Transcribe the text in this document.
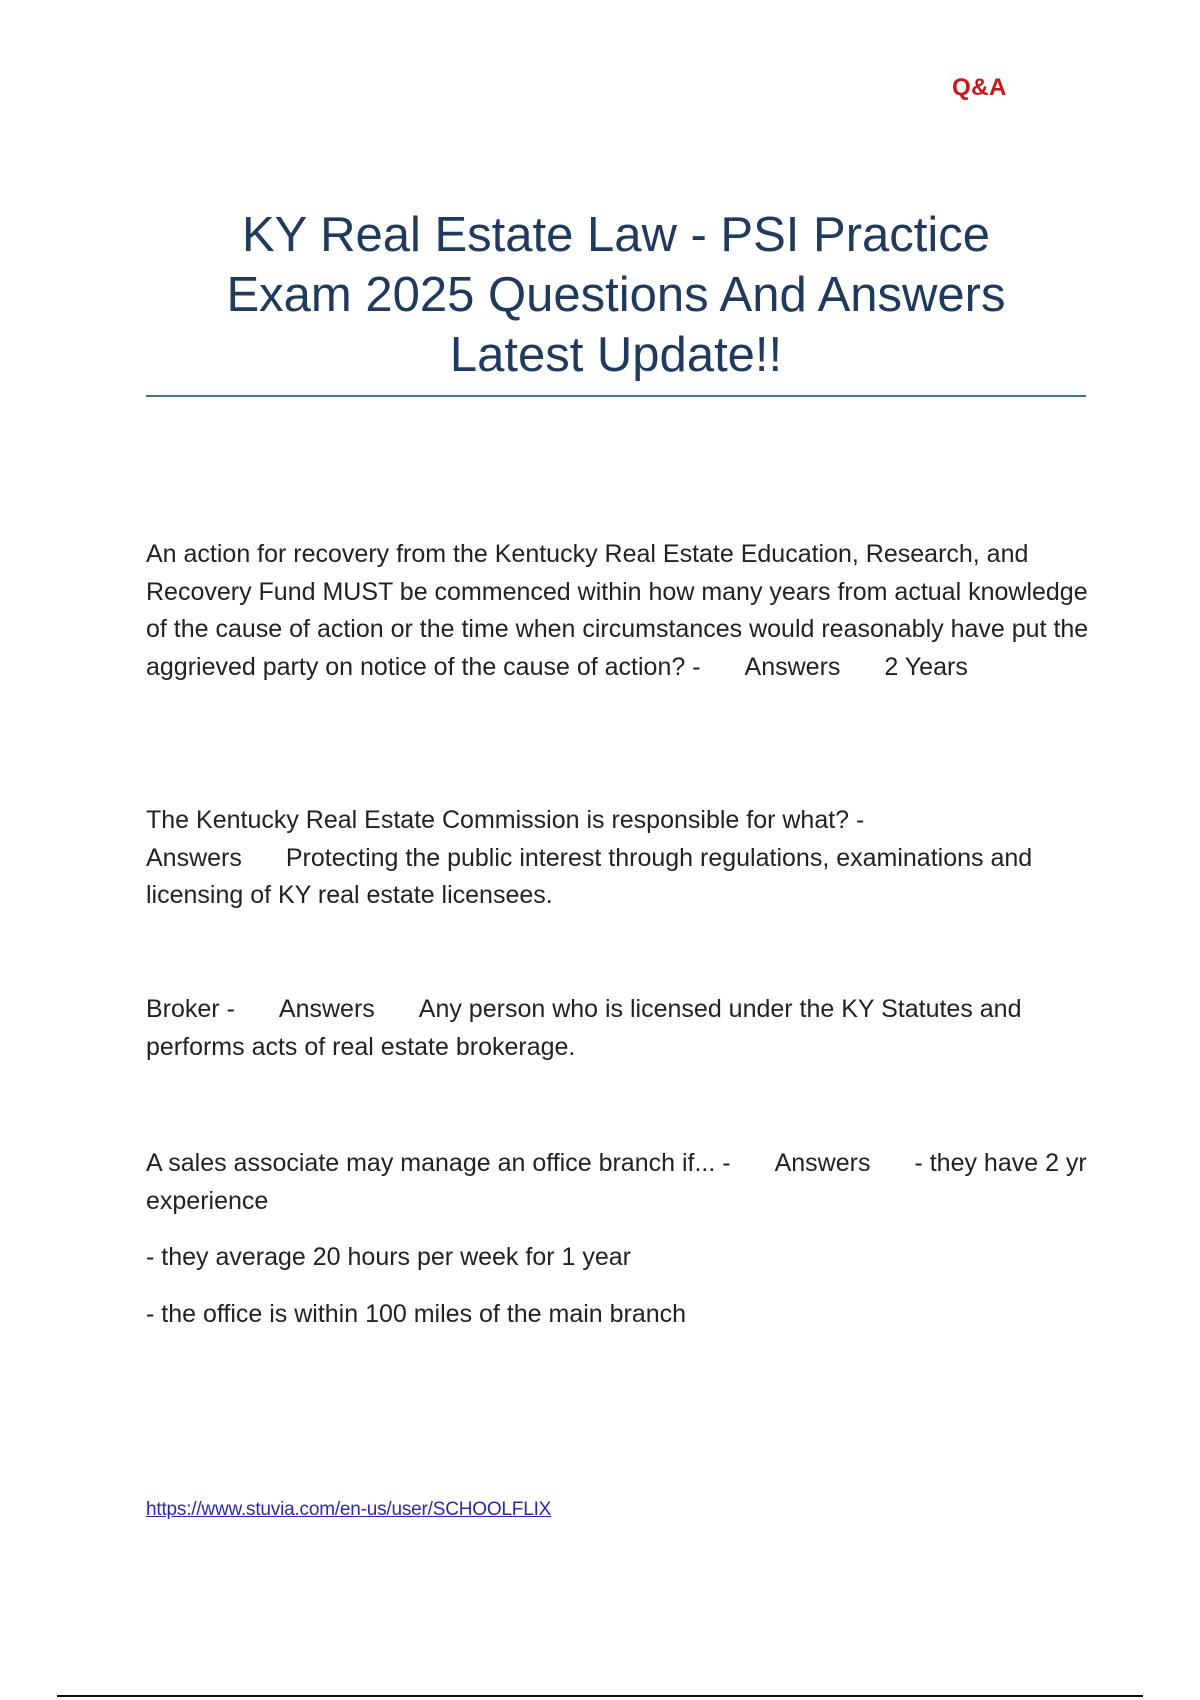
Q&A
KY Real Estate Law - PSI Practice
Exam 2025 Questions And Answers
Latest Update!!

An action for recovery from the Kentucky Real Estate Education, Research, and Recovery Fund MUST be commenced within how many years from actual knowledge of the cause of action or the time when circumstances would reasonably have put the aggrieved party on notice of the cause of action? - Answers 2 Years

The Kentucky Real Estate Commission is responsible for what? -
Answers Protecting the public interest through regulations, examinations and licensing of KY real estate licensees.

Broker - Answers Any person who is licensed under the KY Statutes and performs acts of real estate brokerage.

A sales associate may manage an office branch if... - Answers - they have 2 yr experience

- they average 20 hours per week for 1 year

- the office is within 100 miles of the main branch

https://www.stuvia.com/en-us/user/SCHOOLFLIX
